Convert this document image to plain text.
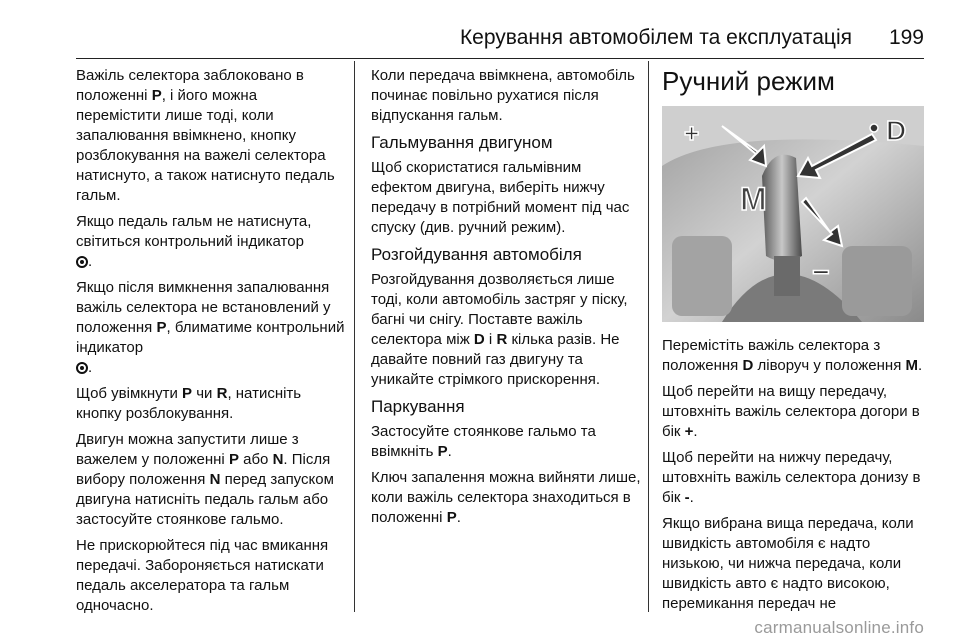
Керування автомобілем та експлуатація 199

Важіль селектора заблоковано в положенні P, і його можна перемістити лише тоді, коли запалювання ввімкнено, кнопку розблокування на важелі селектора натиснуто, а також натиснуто педаль гальм.

Якщо педаль гальм не натиснута, світиться контрольний індикатор
.

Якщо після вимкнення запалювання важіль селектора не встановлений у положення P, блиматиме контрольний індикатор
.

Щоб увімкнути P чи R, натисніть кнопку розблокування.

Двигун можна запустити лише з важелем у положенні P або N. Після вибору положення N перед запуском двигуна натисніть педаль гальм або застосуйте стоянкове гальмо.

Не прискорюйтеся під час вмикання передачі. Забороняється натискати педаль акселератора та гальм одночасно.

Коли передача ввімкнена, автомобіль починає повільно рухатися після відпускання гальм.

Гальмування двигуном

Щоб скористатися гальмівним ефектом двигуна, виберіть нижчу передачу в потрібний момент під час спуску (див. ручний режим).

Розгойдування автомобіля

Розгойдування дозволяється лише тоді, коли автомобіль застряг у піску, багні чи снігу. Поставте важіль селектора між D і R кілька разів. Не давайте повний газ двигуну та уникайте стрімкого прискорення.

Паркування

Застосуйте стоянкове гальмо та ввімкніть P.

Ключ запалення можна вийняти лише, коли важіль селектора знаходиться в положенні P.

Ручний режим
+	D
M
−

Перемістіть важіль селектора з положення D ліворуч у положення M.

Щоб перейти на вищу передачу, штовхніть важіль селектора догори в бік +.

Щоб перейти на нижчу передачу, штовхніть важіль селектора донизу в бік -.

Якщо вибрана вища передача, коли швидкість автомобіля є надто низькою, чи нижча передача, коли швидкість авто є надто високою, перемикання передач не

carmanualsonline.info
